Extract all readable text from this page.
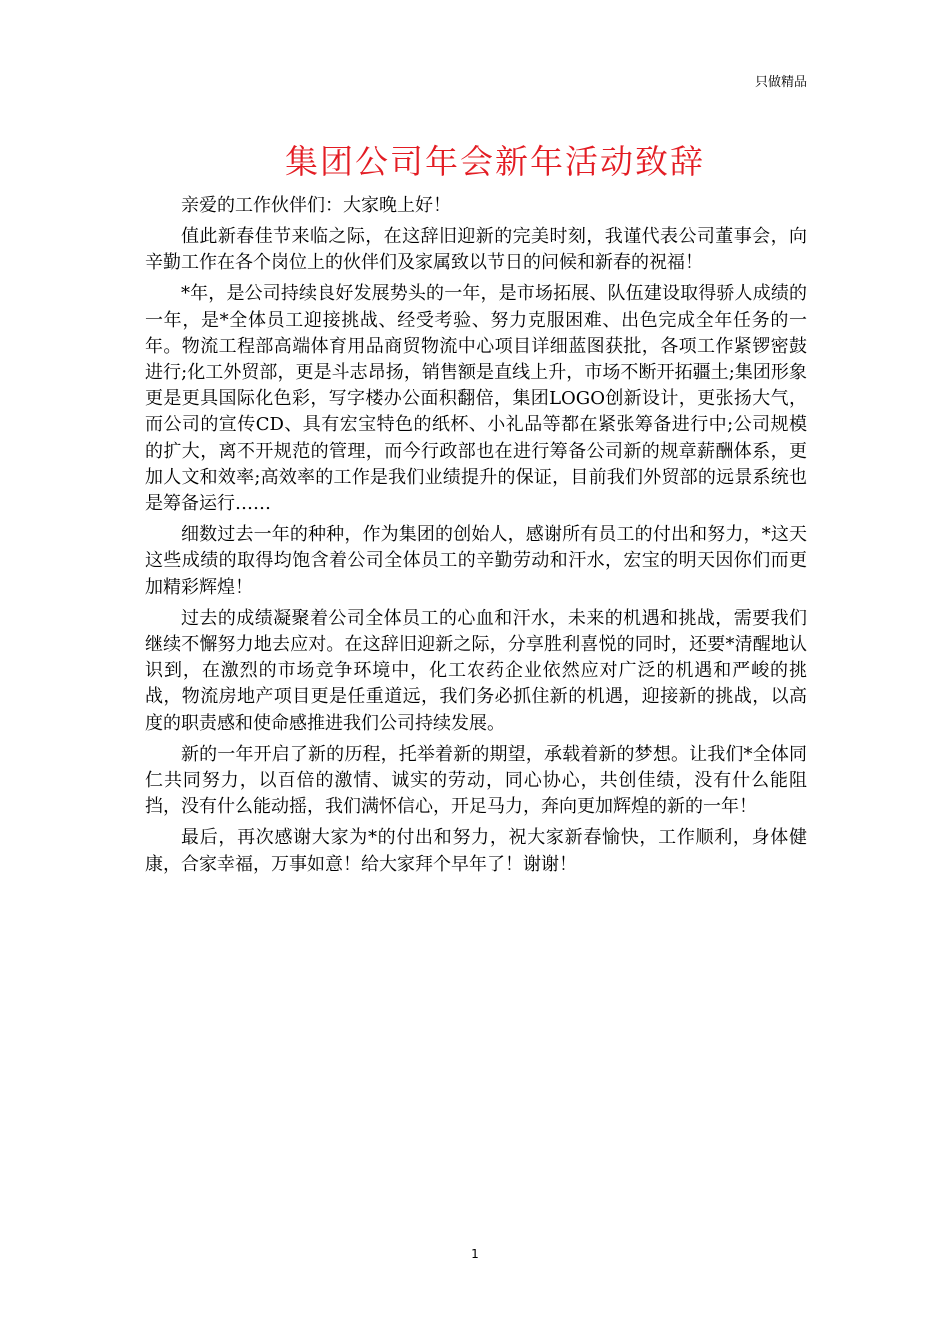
只做精品
集团公司年会新年活动致辞

亲爱的工作伙伴们：大家晚上好！

值此新春佳节来临之际，在这辞旧迎新的完美时刻，我谨代表公司董事会，向辛勤工作在各个岗位上的伙伴们及家属致以节日的问候和新春的祝福！

*年，是公司持续良好发展势头的一年，是市场拓展、队伍建设取得骄人成绩的一年，是*全体员工迎接挑战、经受考验、努力克服困难、出色完成全年任务的一年。物流工程部高端体育用品商贸物流中心项目详细蓝图获批，各项工作紧锣密鼓进行;化工外贸部，更是斗志昂扬，销售额是直线上升，市场不断开拓疆土;集团形象更是更具国际化色彩，写字楼办公面积翻倍，集团LOGO创新设计，更张扬大气，而公司的宣传CD、具有宏宝特色的纸杯、小礼品等都在紧张筹备进行中;公司规模的扩大，离不开规范的管理，而今行政部也在进行筹备公司新的规章薪酬体系，更加人文和效率;高效率的工作是我们业绩提升的保证，目前我们外贸部的远景系统也是筹备运行……

细数过去一年的种种，作为集团的创始人，感谢所有员工的付出和努力，*这天这些成绩的取得均饱含着公司全体员工的辛勤劳动和汗水，宏宝的明天因你们而更加精彩辉煌！

过去的成绩凝聚着公司全体员工的心血和汗水，未来的机遇和挑战，需要我们继续不懈努力地去应对。在这辞旧迎新之际，分享胜利喜悦的同时，还要*清醒地认识到，在激烈的市场竞争环境中，化工农药企业依然应对广泛的机遇和严峻的挑战，物流房地产项目更是任重道远，我们务必抓住新的机遇，迎接新的挑战，以高度的职责感和使命感推进我们公司持续发展。

新的一年开启了新的历程，托举着新的期望，承载着新的梦想。让我们*全体同仁共同努力，以百倍的激情、诚实的劳动，同心协心，共创佳绩，没有什么能阻挡，没有什么能动摇，我们满怀信心，开足马力，奔向更加辉煌的新的一年！

最后，再次感谢大家为*的付出和努力，祝大家新春愉快，工作顺利，身体健康，合家幸福，万事如意！给大家拜个早年了！谢谢！

1
